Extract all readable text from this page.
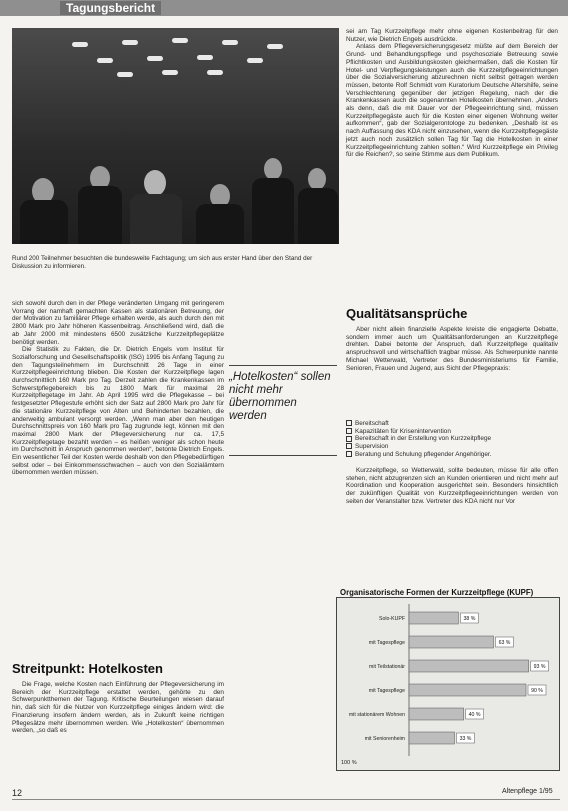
Tagungsbericht
Rund 200 Teilnehmer besuchten die bundesweite Fachtagung; um sich aus erster Hand über den Stand der Diskussion zu informieren.

sich sowohl durch den in der Pflege veränderten Umgang mit geringerem Vorrang der namhaft gemachten Kassen als stationären Betreuung, der der Motivation zu familiärer Pflege erhalten werde, als auch durch den mit 2800 Mark pro Jahr höheren Kassenbeitrag. Anschließend wird, daß die ab Jahr 2000 mit mindestens 6500 zusätzliche Kurzzeitpflegeplätze benötigt werden.

Die Statistik zu Fakten, die Dr. Dietrich Engels vom Institut für Sozialforschung und Gesellschaftspolitik (ISG) 1995 bis Anfang Tagung zu den Tagungsteilnehmern im Durchschnitt 26 Tage in einer Kurzzeitpflegeeinrichtung blieben. Die Kosten der Kurzzeitpflege lagen durchschnittlich 160 Mark pro Tag. Derzeit zahlen die Krankenkassen im Schwerstpflegebereich bis zu 1800 Mark für maximal 28 Kurzzeitpflegetage im Jahr. Ab April 1995 wird die Pflegekasse – bei festgesetzter Pflegestufe erhöht sich der Satz auf 2800 Mark pro Jahr für die stationäre Kurzzeitpflege von Alten und Behinderten bezahlen, die anderweitig ambulant versorgt werden. „Wenn man aber den heutigen Durchschnittspreis von 160 Mark pro Tag zugrunde legt, können mit den maximal 2800 Mark der Pflegeversicherung nur ca. 17,5 Kurzzeitpflegetage bezahlt werden – es heißen weniger als schon heute im Durchschnitt in Anspruch genommen werden“, betonte Dietrich Engels. Ein wesentlicher Teil der Kosten werde deshalb von den Pflegebedürftigen selbst oder – bei Einkommensschwachen – auch von den Sozialämtern übernommen werden müssen.

„Hotelkosten“ sollen nicht mehr übernommen werden
Streitpunkt: Hotelkosten
Die Frage, welche Kosten nach Einführung der Pflegeversicherung im Bereich der Kurzzeitpflege erstattet werden, gehörte zu den Schwerpunktthemen der Tagung. Kritische Beurteilungen wiesen darauf hin, daß sich für die Nutzer von Kurzzeitpflege einiges ändern wird: die Finanzierung insofern ändern werden, als in Zukunft keine richtigen Pflegesätze mehr übernommen werden. Wie „Hotelkosten“ übernommen werden, „so daß es

sei am Tag Kurzzeitpflege mehr ohne eigenen Kostenbeitrag für den Nutzer, wie Dietrich Engels ausdrückte.

Anlass dem Pflegeversicherungsgesetz müßte auf dem Bereich der Grund- und Behandlungspflege und psychosoziale Betreuung sowie Pflichtkosten und Ausbildungskosten gleichermaßen, daß die Kosten für Hotel- und Verpflegungsleistungen auch die Kurzzeitpflegeeinrichtungen über die Sozialversicherung abzurechnen nicht selbst getragen werden müssen, betonte Rolf Schmidt vom Kuratorium Deutsche Altershilfe, seine Verschlechterung gegenüber der jetzigen Regelung, nach der die Krankenkassen auch die sogenannten Hotelkosten übernehmen. „Anders als denn, daß die mit Dauer vor der Pflegeeinrichtung sind, müssen Kurzzeitpflegegäste auch für die Kosten einer eigenen Wohnung weiter aufkommen“, gab der Sozialgerontologe zu bedenken. „Deshalb ist es nach Auffassung des KDA nicht einzusehen, wenn die Kurzzeitpflegegäste jetzt auch noch zusätzlich sollen Tag für Tag die Hotelkosten in einer Kurzzeitpflegeeinrichtung zahlen sollten.“ Wird Kurzzeitpflege ein Privileg für die Reichen?, so seine Stimme aus dem Publikum.

Qualitätsansprüche
Aber nicht allein finanzielle Aspekte kreiste die engagierte Debatte, sondern immer auch um Qualitätsanforderungen an Kurzzeitpflege drehten. Dabei betonte der Anspruch, daß Kurzzeitpflege qualitativ anspruchsvoll und wirtschaftlich tragbar müsse. Als Schwerpunkte nannte Michael Wetterwald, Vertreter des Bundesministeriums für Familie, Senioren, Frauen und Jugend, aus Sicht der Pflegepraxis:
Bereitschaft
Kapazitäten für Krisenintervention
Bereitschaft in der Erstellung von Kurzzeitpflege
Supervision
Beratung und Schulung pflegender Angehöriger.
Kurzzeitpflege, so Wetterwald, sollte bedeuten, müsse für alle offen stehen, nicht abzugrenzen sich an Kunden orientieren und nicht mehr auf Koordination und Kooperation ausgerichtet sein. Besonders hinsichtlich der zukünftigen Qualität von Kurzzeitpflegeeinrichtungen werden von seiten der Veranstalter bzw. Vertreter des KDA nicht nur Vor
Organisatorische Formen der Kurzzeitpflege (KUPF)
Solo-KUPF	38 %
mit Tagespflege	63 %
mit Teilstationär	93 %
mit Tagespflege	90 %
mit stationärem Wohnen	40 %
mit Seniorenheim	33 %
100 %
12	Altenpflege 1/95
